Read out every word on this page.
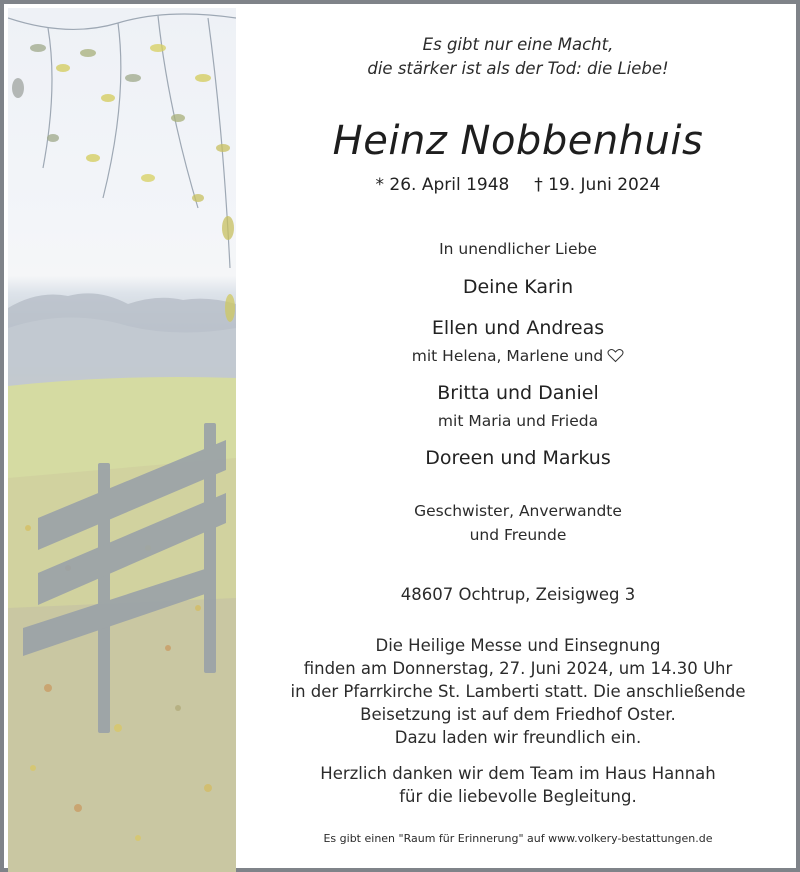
Es gibt nur eine Macht,
die stärker ist als der Tod: die Liebe!
Heinz Nobbenhuis
* 26. April 1948 † 19. Juni 2024
In unendlicher Liebe
Deine Karin
Ellen und Andreas
mit Helena, Marlene und
Britta und Daniel
mit Maria und Frieda
Doreen und Markus
Geschwister, Anverwandte
und Freunde
48607 Ochtrup, Zeisigweg 3
Die Heilige Messe und Einsegnung
finden am Donnerstag, 27. Juni 2024, um 14.30 Uhr
in der Pfarrkirche St. Lamberti statt. Die anschließende
Beisetzung ist auf dem Friedhof Oster.
Dazu laden wir freundlich ein.
Herzlich danken wir dem Team im Haus Hannah
für die liebevolle Begleitung.
Es gibt einen "Raum für Erinnerung" auf www.volkery-bestattungen.de
